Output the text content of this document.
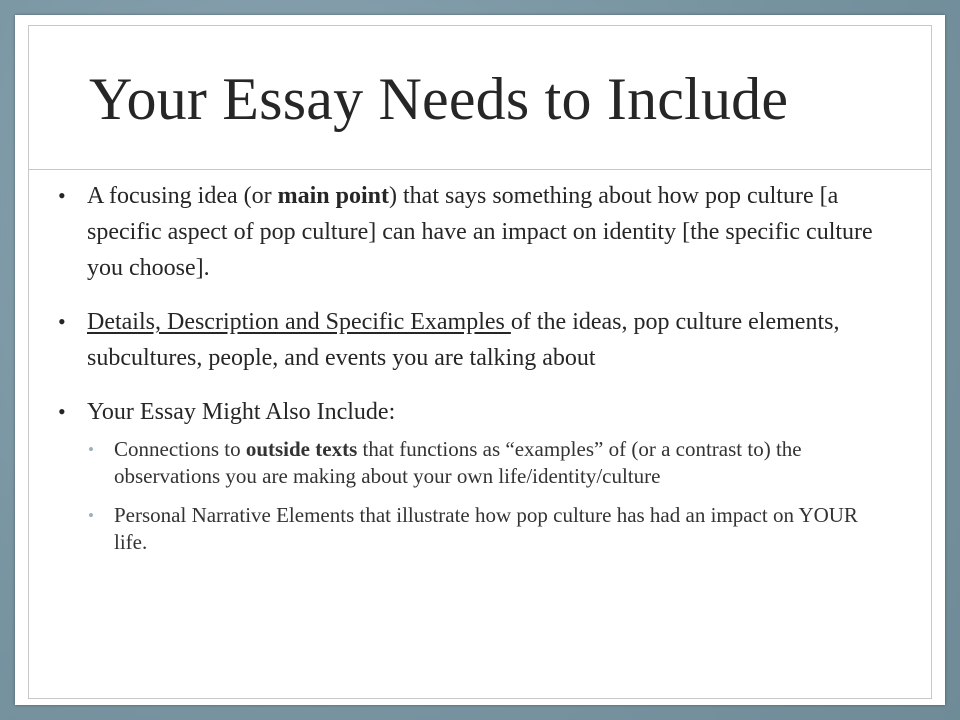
Your Essay Needs to Include
• A focusing idea (or main point) that says something about how pop culture [a specific aspect of pop culture] can have an impact on identity [the specific culture you choose].
• Details, Description and Specific Examples of the ideas, pop culture elements, subcultures, people, and events you are talking about
• Your Essay Might Also Include:
• Connections to outside texts that functions as “examples” of (or a contrast to) the observations you are making about your own life/identity/culture
• Personal Narrative Elements that illustrate how pop culture has had an impact on YOUR life.
